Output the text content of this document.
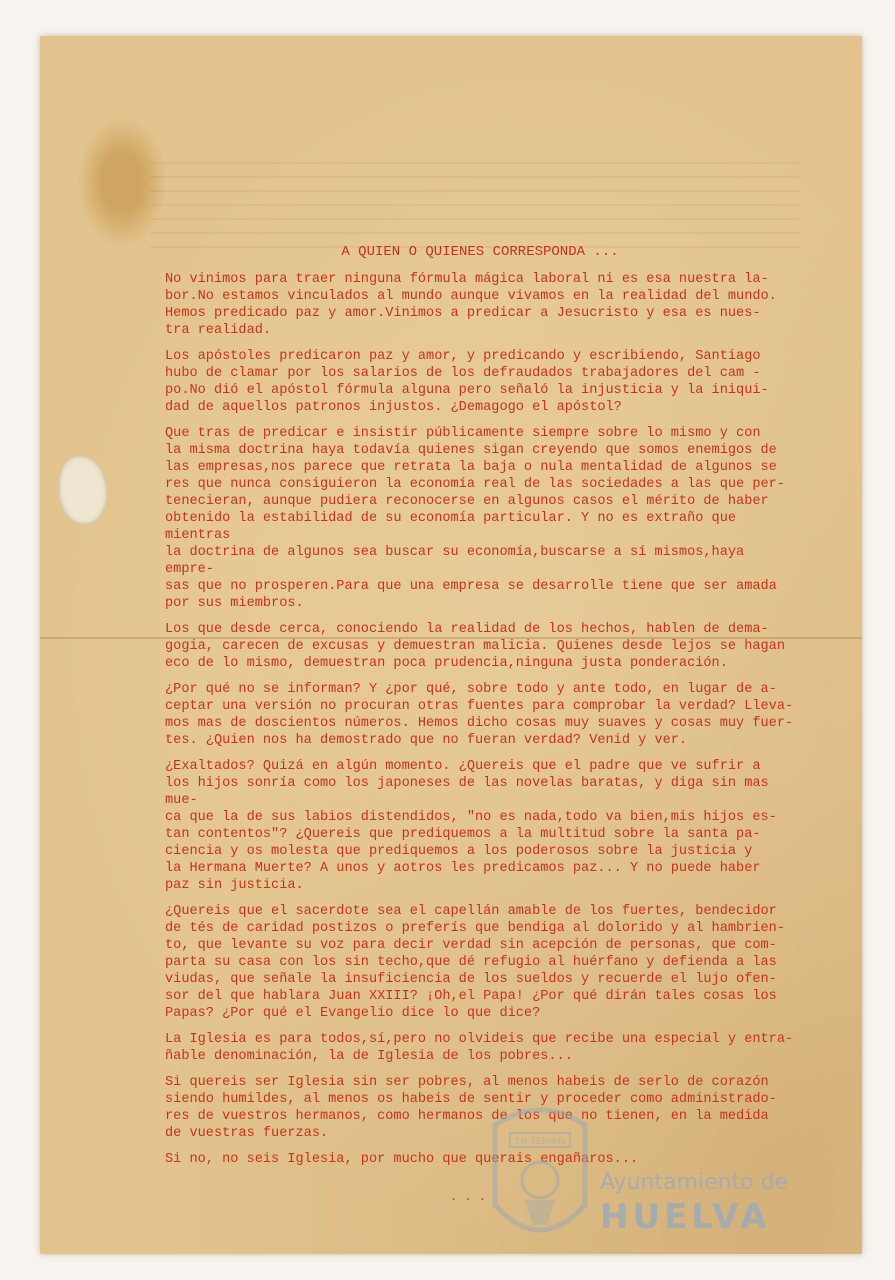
A QUIEN O QUIENES CORRESPONDA ...
No vinimos para traer ninguna fórmula mágica laboral ni es esa nuestra la-
bor.No estamos vinculados al mundo aunque vivamos en la realidad del mundo.
Hemos predicado paz y amor.Vinimos a predicar a Jesucristo y esa es nues-
tra realidad.
Los apóstoles predicaron paz y amor, y predicando y escribiendo, Santiago
hubo de clamar por los salarios de los defraudados trabajadores del cam -
po.No dió el apóstol fórmula alguna pero señaló la injusticia y la iniqui-
dad de aquellos patronos injustos. ¿Demagogo el apóstol?
Que tras de predicar e insistir públicamente siempre sobre lo mismo y con
la misma doctrina haya todavía quienes sigan creyendo que somos enemigos de
las empresas,nos parece que retrata la baja o nula mentalidad de algunos se
res que nunca consiguieron la economía real de las sociedades a las que per-
tenecieran, aunque pudiera reconocerse en algunos casos el mérito de haber
obtenido la estabilidad de su economía particular. Y no es extraño que mientras
la doctrina de algunos sea buscar su economía,buscarse a sí mismos,haya empre-
sas que no prosperen.Para que una empresa se desarrolle tiene que ser amada
por sus miembros.
Los que desde cerca, conociendo la realidad de los hechos, hablen de dema-
gogia, carecen de excusas y demuestran malicia. Quienes desde lejos se hagan
eco de lo mismo, demuestran poca prudencia,ninguna justa ponderación.
¿Por qué no se informan? Y ¿por qué, sobre todo y ante todo, en lugar de a-
ceptar una versión no procuran otras fuentes para comprobar la verdad? Lleva-
mos mas de doscientos números. Hemos dicho cosas muy suaves y cosas muy fuer-
tes. ¿Quien nos ha demostrado que no fueran verdad? Venid y ver.
¿Exaltados? Quizá en algún momento. ¿Quereis que el padre que ve sufrir a
los hijos sonría como los japoneses de las novelas baratas, y diga sin mas mue-
ca que la de sus labios distendidos, "no es nada,todo va bien,mis hijos es-
tan contentos"? ¿Quereis que prediquemos a la multitud sobre la santa pa-
ciencia y os molesta que prediquemos a los poderosos sobre la justicia y
la Hermana Muerte? A unos y aotros les predicamos paz... Y no puede haber
paz sin justicia.
¿Quereis que el sacerdote sea el capellán amable de los fuertes, bendecidor
de tés de caridad postizos o preferís que bendiga al dolorido y al hambrien-
to, que levante su voz para decir verdad sin acepción de personas, que com-
parta su casa con los sin techo,que dé refugio al huérfano y defienda a las
viudas, que señale la insuficiencia de los sueldos y recuerde el lujo ofen-
sor del que hablara Juan XXIII? ¡Oh,el Papa! ¿Por qué dirán tales cosas los
Papas? ¿Por qué el Evangelio dice lo que dice?
La Iglesia es para todos,sí,pero no olvideis que recibe una especial y entra-
ñable denominación, la de Iglesia de los pobres...
Si quereis ser Iglesia sin ser pobres, al menos habeis de serlo de corazón
siendo humildes, al menos os habeis de sentir y proceder como administrado-
res de vuestros hermanos, como hermanos de los que no tienen, en la medida
de vuestras fuerzas.
Si no, no seis Iglesia, por mucho que querais engañaros...
. . .
EN TERMIN
Ayuntamiento de
HUELVA
